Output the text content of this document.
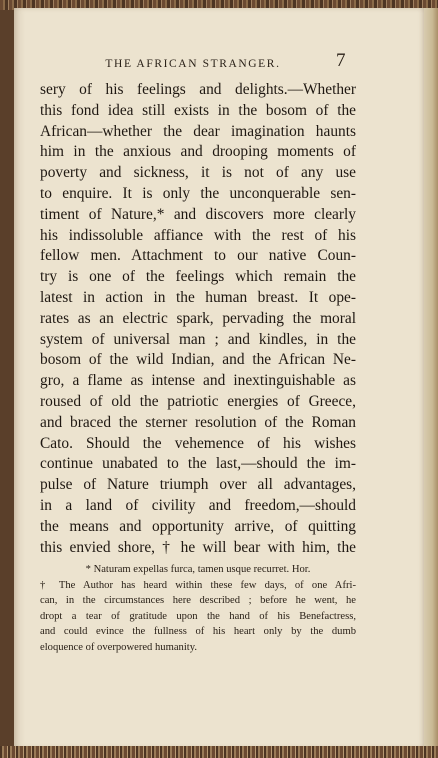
THE AFRICAN STRANGER.	7
sery of his feelings and delights.—Whether
this fond idea still exists in the bosom of the
African—whether the dear imagination haunts
him in the anxious and drooping moments of
poverty and sickness, it is not of any use
to enquire. It is only the unconquerable sen-
timent of Nature,* and discovers more clearly
his indissoluble affiance with the rest of his
fellow men. Attachment to our native Coun-
try is one of the feelings which remain the
latest in action in the human breast. It ope-
rates as an electric spark, pervading the moral
system of universal man ; and kindles, in the
bosom of the wild Indian, and the African Ne-
gro, a flame as intense and inextinguishable as
roused of old the patriotic energies of Greece,
and braced the sterner resolution of the Roman
Cato. Should the vehemence of his wishes
continue unabated to the last,—should the im-
pulse of Nature triumph over all advantages,
in a land of civility and freedom,—should
the means and opportunity arrive, of quitting
this envied shore, † he will bear with him, the
* Naturam expellas furca, tamen usque recurret. Hor.
† The Author has heard within these few days, of one Afri-
can, in the circumstances here described ; before he went, he
dropt a tear of gratitude upon the hand of his Benefactress,
and could evince the fullness of his heart only by the dumb
eloquence of overpowered humanity.
